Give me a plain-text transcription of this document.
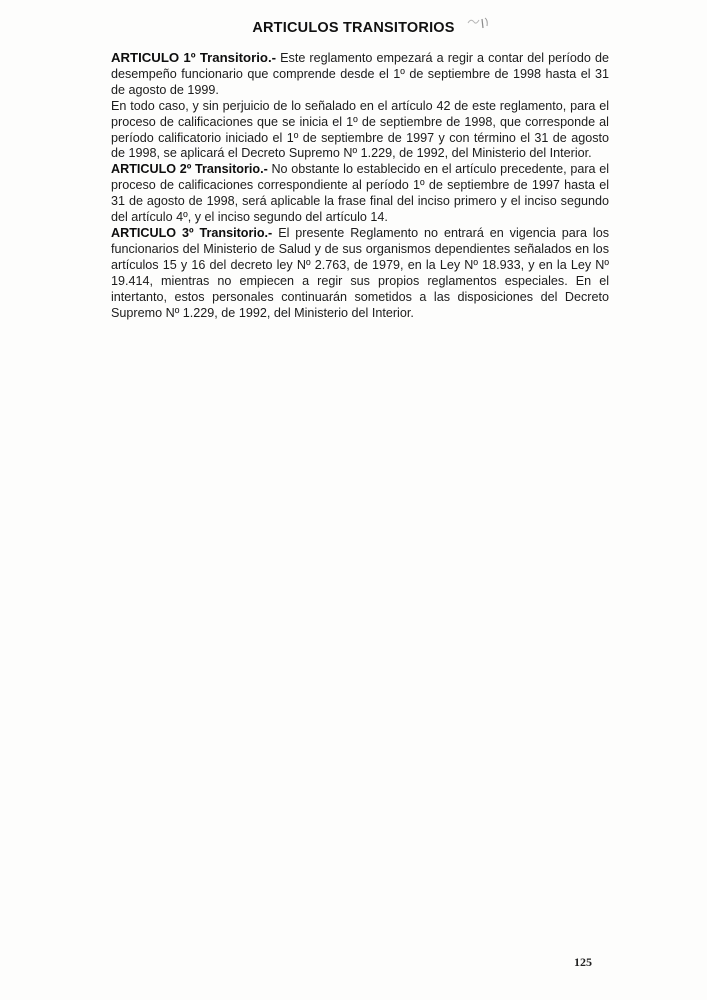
ARTICULOS TRANSITORIOS

ARTICULO 1º Transitorio.- Este reglamento empezará a regir a contar del período de desempeño funcionario que comprende desde el 1º de septiembre de 1998 hasta el 31 de agosto de 1999.

En todo caso, y sin perjuicio de lo señalado en el artículo 42 de este reglamento, para el proceso de calificaciones que se inicia el 1º de septiembre de 1998, que corresponde al período calificatorio iniciado el 1º de septiembre de 1997 y con término el 31 de agosto de 1998, se aplicará el Decreto Supremo Nº 1.229, de 1992, del Ministerio del Interior.

ARTICULO 2º Transitorio.- No obstante lo establecido en el artículo precedente, para el proceso de calificaciones correspondiente al período 1º de septiembre de 1997 hasta el 31 de agosto de 1998, será aplicable la frase final del inciso primero y el inciso segundo del artículo 4º, y el inciso segundo del artículo 14.

ARTICULO 3º Transitorio.- El presente Reglamento no entrará en vigencia para los funcionarios del Ministerio de Salud y de sus organismos dependientes señalados en los artículos 15 y 16 del decreto ley Nº 2.763, de 1979, en la Ley Nº 18.933, y en la Ley Nº 19.414, mientras no empiecen a regir sus propios reglamentos especiales. En el intertanto, estos personales continuarán sometidos a las disposiciones del Decreto Supremo Nº 1.229, de 1992, del Ministerio del Interior.

125
